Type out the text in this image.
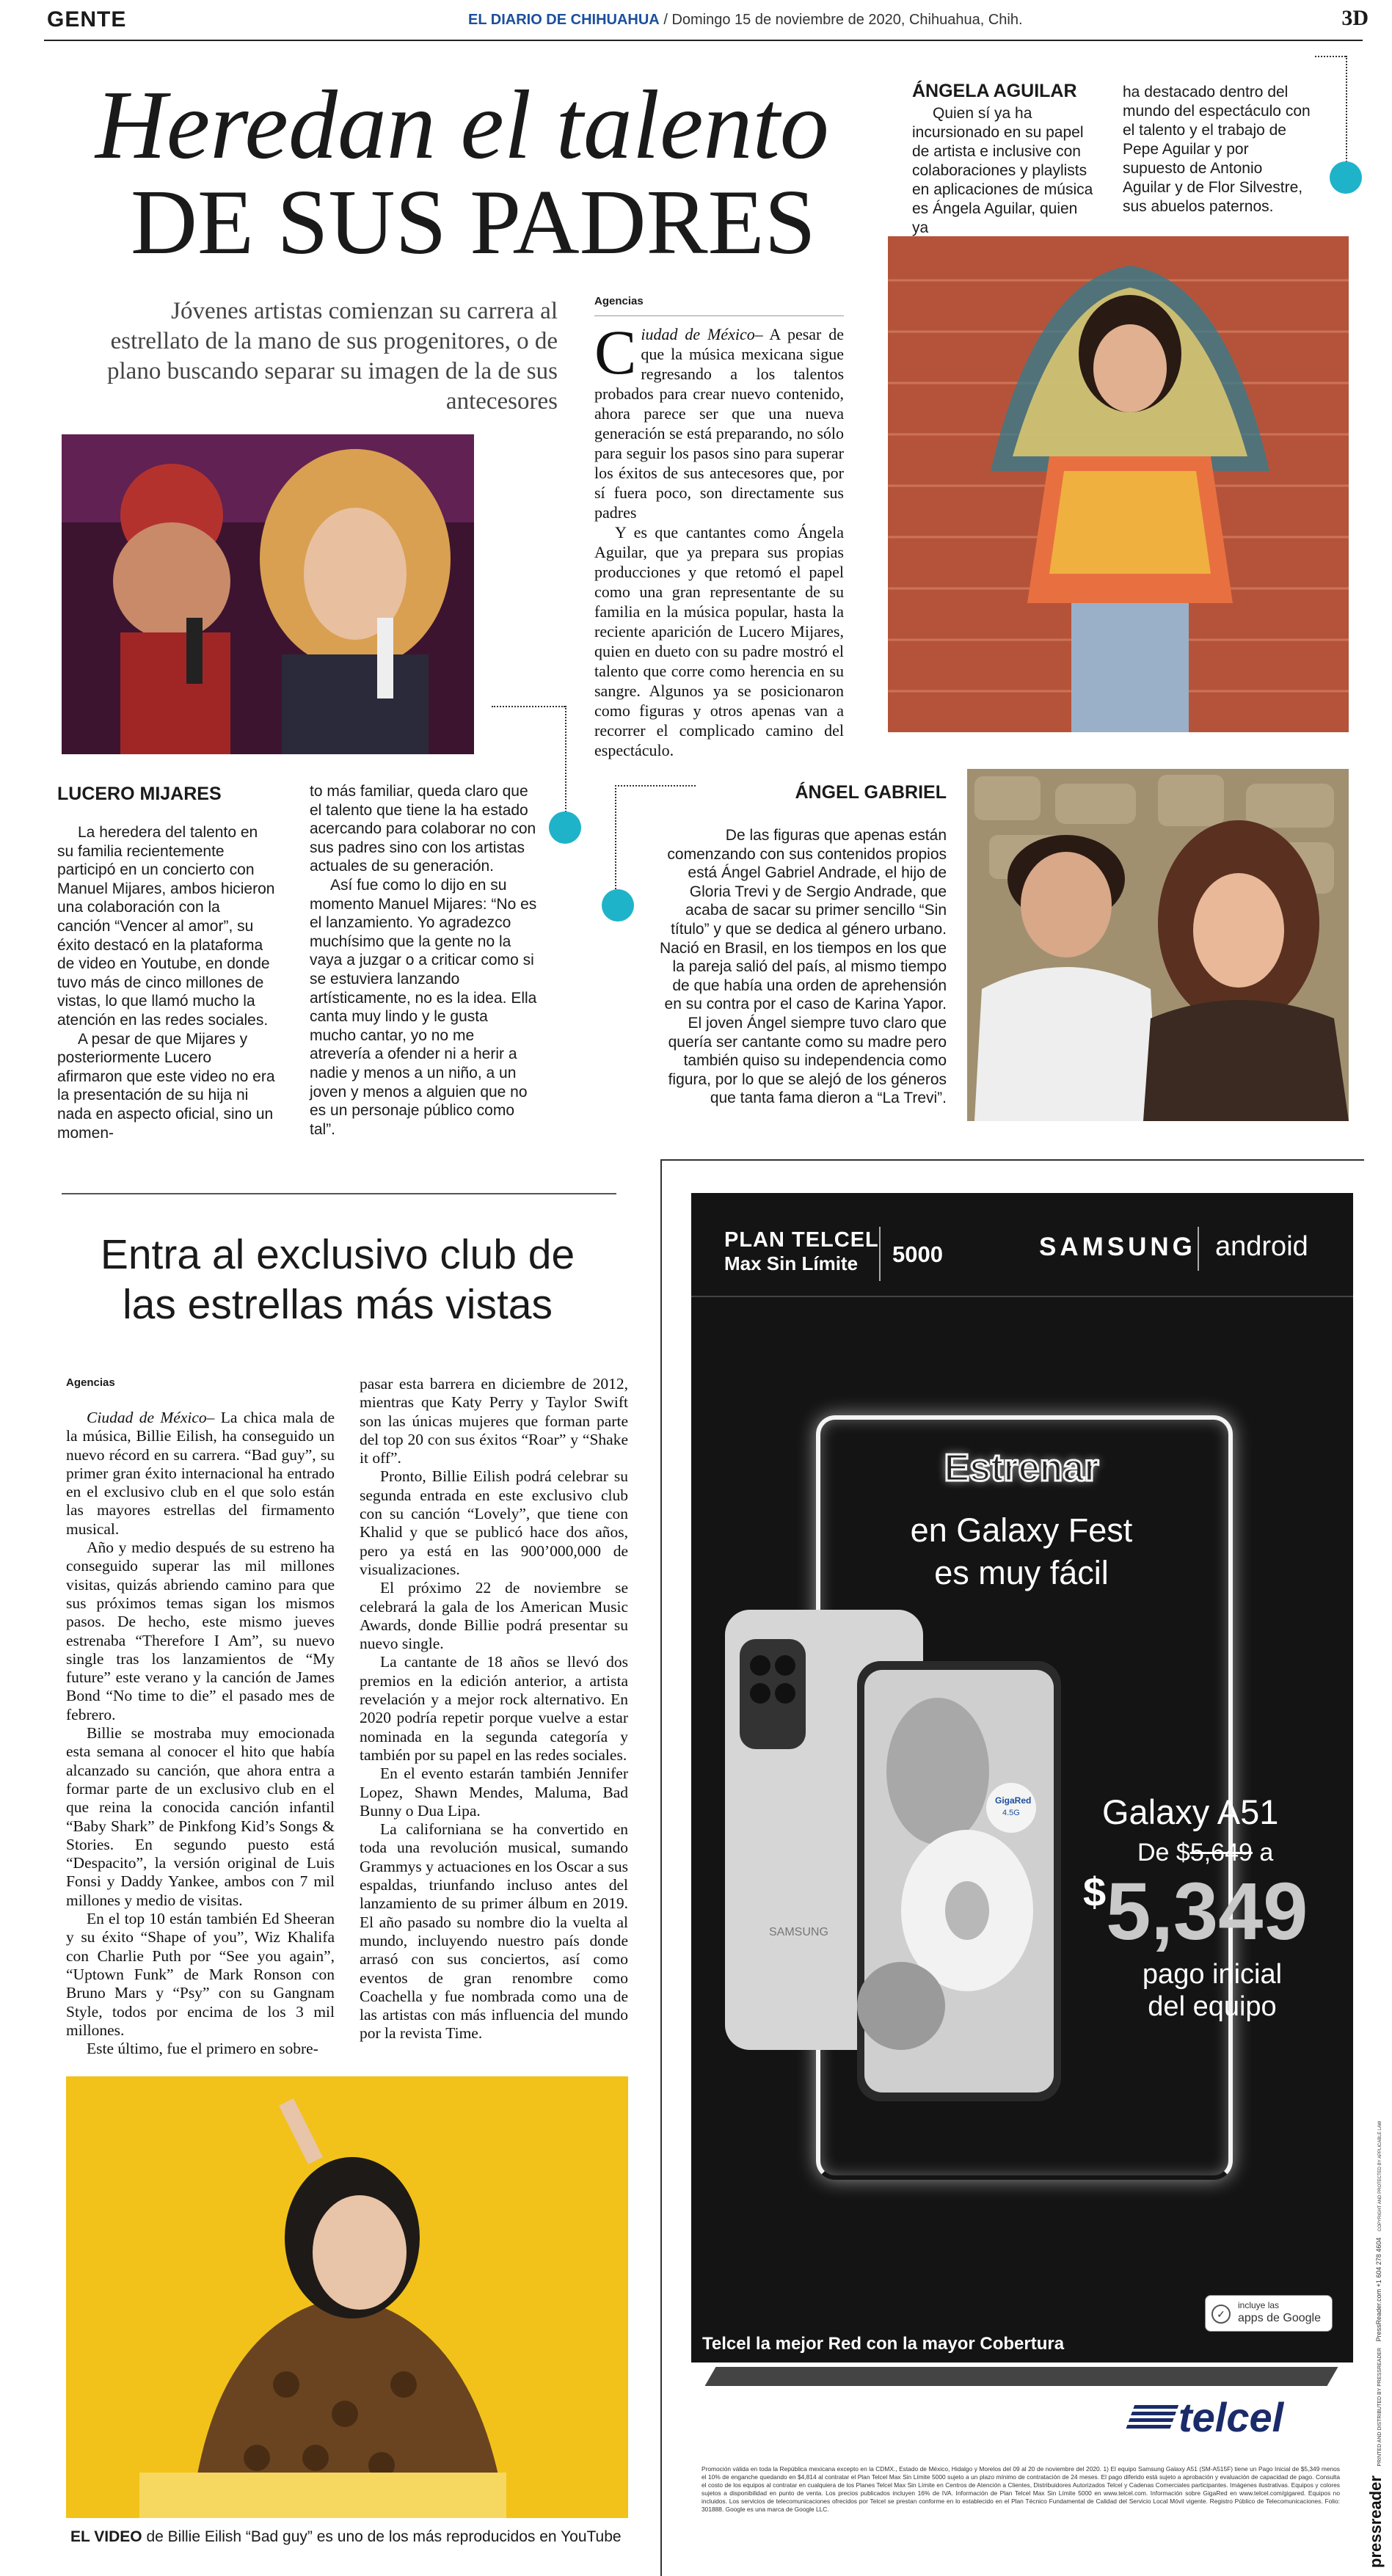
GENTE	EL DIARIO DE CHIHUAHUA / Domingo 15 de noviembre de 2020, Chihuahua, Chih.	3D
Heredan el talento
DE SUS PADRES
Jóvenes artistas comienzan su carrera al estrellato de la mano de sus progenitores, o de plano buscando separar su imagen de la de sus antecesores
Agencias

Ciudad de México– A pesar de que la música mexicana sigue regresando a los talentos probados para crear nuevo contenido, ahora parece ser que una nueva generación se está preparando, no sólo para seguir los pasos sino para superar los éxitos de sus antecesores que, por sí fuera poco, son directamente sus padres

Y es que cantantes como Ángela Aguilar, que ya prepara sus propias producciones y que retomó el papel como una gran representante de su familia en la música popular, hasta la reciente aparición de Lucero Mijares, quien en dueto con su padre mostró el talento que corre como herencia en su sangre. Algunos ya se posicionaron como figuras y otros apenas van a recorrer el complicado camino del espectáculo.

ÁNGELA AGUILAR

Quien sí ya ha incursionado en su papel de artista e inclusive con colaboraciones y playlists en aplicaciones de música es Ángela Aguilar, quien ya

ha destacado dentro del mundo del espectáculo con el talento y el trabajo de Pepe Aguilar y por supuesto de Antonio Aguilar y de Flor Silvestre, sus abuelos paternos.

LUCERO MIJARES

La heredera del talento en su familia recientemente participó en un concierto con Manuel Mijares, ambos hicieron una colaboración con la canción “Vencer al amor”, su éxito destacó en la plataforma de video en Youtube, en donde tuvo más de cinco millones de vistas, lo que llamó mucho la atención en las redes sociales.

A pesar de que Mijares y posteriormente Lucero afirmaron que este video no era la presentación de su hija ni nada en aspecto oficial, sino un momen-

to más familiar, queda claro que el talento que tiene la ha estado acercando para colaborar no con sus padres sino con los artistas actuales de su generación.

Así fue como lo dijo en su momento Manuel Mijares: “No es el lanzamiento. Yo agradezco muchísimo que la gente no la vaya a juzgar o a criticar como si se estuviera lanzando artísticamente, no es la idea. Ella canta muy lindo y le gusta mucho cantar, yo no me atrevería a ofender ni a herir a nadie y menos a un niño, a un joven y menos a alguien que no es un personaje público como tal”.

ÁNGEL GABRIEL

De las figuras que apenas están comenzando con sus contenidos propios está Ángel Gabriel Andrade, el hijo de Gloria Trevi y de Sergio Andrade, que acaba de sacar su primer sencillo “Sin título” y que se dedica al género urbano. Nació en Brasil, en los tiempos en los que la pareja salió del país, al mismo tiempo de que había una orden de aprehensión en su contra por el caso de Karina Yapor.

El joven Ángel siempre tuvo claro que quería ser cantante como su madre pero también quiso su independencia como figura, por lo que se alejó de los géneros que tanta fama dieron a “La Trevi”.

Entra al exclusivo club de las estrellas más vistas
Agencias

Ciudad de México– La chica mala de la música, Billie Eilish, ha conseguido un nuevo récord en su carrera. “Bad guy”, su primer gran éxito internacional ha entrado en el exclusivo club en el que solo están las mayores estrellas del firmamento musical.

Año y medio después de su estreno ha conseguido superar las mil millones visitas, quizás abriendo camino para que sus próximos temas sigan los mismos pasos. De hecho, este mismo jueves estrenaba “Therefore I Am”, su nuevo single tras los lanzamientos de “My future” este verano y la canción de James Bond “No time to die” el pasado mes de febrero.

Billie se mostraba muy emocionada esta semana al conocer el hito que había alcanzado su canción, que ahora entra a formar parte de un exclusivo club en el que reina la conocida canción infantil “Baby Shark” de Pinkfong Kid’s Songs & Stories. En segundo puesto está “Despacito”, la versión original de Luis Fonsi y Daddy Yankee, ambos con 7 mil millones y medio de visitas.

En el top 10 están también Ed Sheeran y su éxito “Shape of you”, Wiz Khalifa con Charlie Puth por “See you again”, “Uptown Funk” de Mark Ronson con Bruno Mars y “Psy” con su Gangnam Style, todos por encima de los 3 mil millones.

Este último, fue el primero en sobre-

pasar esta barrera en diciembre de 2012, mientras que Katy Perry y Taylor Swift son las únicas mujeres que forman parte del top 20 con sus éxitos “Roar” y “Shake it off”.

Pronto, Billie Eilish podrá celebrar su segunda entrada en este exclusivo club con su canción “Lovely”, que tiene con Khalid y que se publicó hace dos años, pero ya está en las 900’000,000 de visualizaciones.

El próximo 22 de noviembre se celebrará la gala de los American Music Awards, donde Billie podrá presentar su nuevo single.

La cantante de 18 años se llevó dos premios en la edición anterior, a artista revelación y a mejor rock alternativo. En 2020 podría repetir porque vuelve a estar nominada en la segunda categoría y también por su papel en las redes sociales.

En el evento estarán también Jennifer Lopez, Shawn Mendes, Maluma, Bad Bunny o Dua Lipa.

La californiana se ha convertido en toda una revolución musical, sumando Grammys y actuaciones en los Oscar a sus espaldas, triunfando incluso antes del lanzamiento de su primer álbum en 2019. El año pasado su nombre dio la vuelta al mundo, incluyendo nuestro país donde arrasó con sus conciertos, así como eventos de gran renombre como Coachella y fue nombrada como una de las artistas con más influencia del mundo por la revista Time.

EL VIDEO de Billie Eilish “Bad guy” es uno de los más reproducidos en YouTube
PLAN TELCEL
Max Sin Límite	5000	SAMSUNG android
Estrenar
en Galaxy Fest
es muy fácil
SAMSUNG
GigaRed
4.5G Galaxy A51
De $5,649 a
$5,349
pago inicial
del equipo
✓
incluye las
apps de Google
Telcel la mejor Red con la mayor Cobertura
telcel
Promoción válida en toda la República mexicana excepto en la CDMX., Estado de México, Hidalgo y Morelos del 09 al 20 de noviembre del 2020. 1) El equipo Samsung Galaxy A51 (SM-A515F) tiene un Pago Inicial de $5,349 menos el 10% de enganche quedando en $4,814 al contratar el Plan Telcel Max Sin Límite 5000 sujeto a un plazo mínimo de contratación de 24 meses. El pago diferido está sujeto a aprobación y evaluación de capacidad de pago. Consulta el costo de los equipos al contratar en cualquiera de los Planes Telcel Max Sin Límite en Centros de Atención a Clientes, Distribuidores Autorizados Telcel y Cadenas Comerciales participantes. Imágenes ilustrativas. Equipos y colores sujetos a disponibilidad en punto de venta. Los precios publicados incluyen 16% de IVA. Información de Plan Telcel Max Sin Límite 5000 en www.telcel.com. Información sobre GigaRed en www.telcel.com/gigared. Equipos no incluidos. Los servicios de telecomunicaciones ofrecidos por Telcel se prestan conforme en lo establecido en el Plan Técnico Fundamental de Calidad del Servicio Local Móvil vigente. Registro Público de Telecomunicaciones. Folio: 301888. Google es una marca de Google LLC.	pressreader PRINTED AND DISTRIBUTED BY PRESSREADER PressReader.com +1 604 278 4604 COPYRIGHT AND PROTECTED BY APPLICABLE LAW
